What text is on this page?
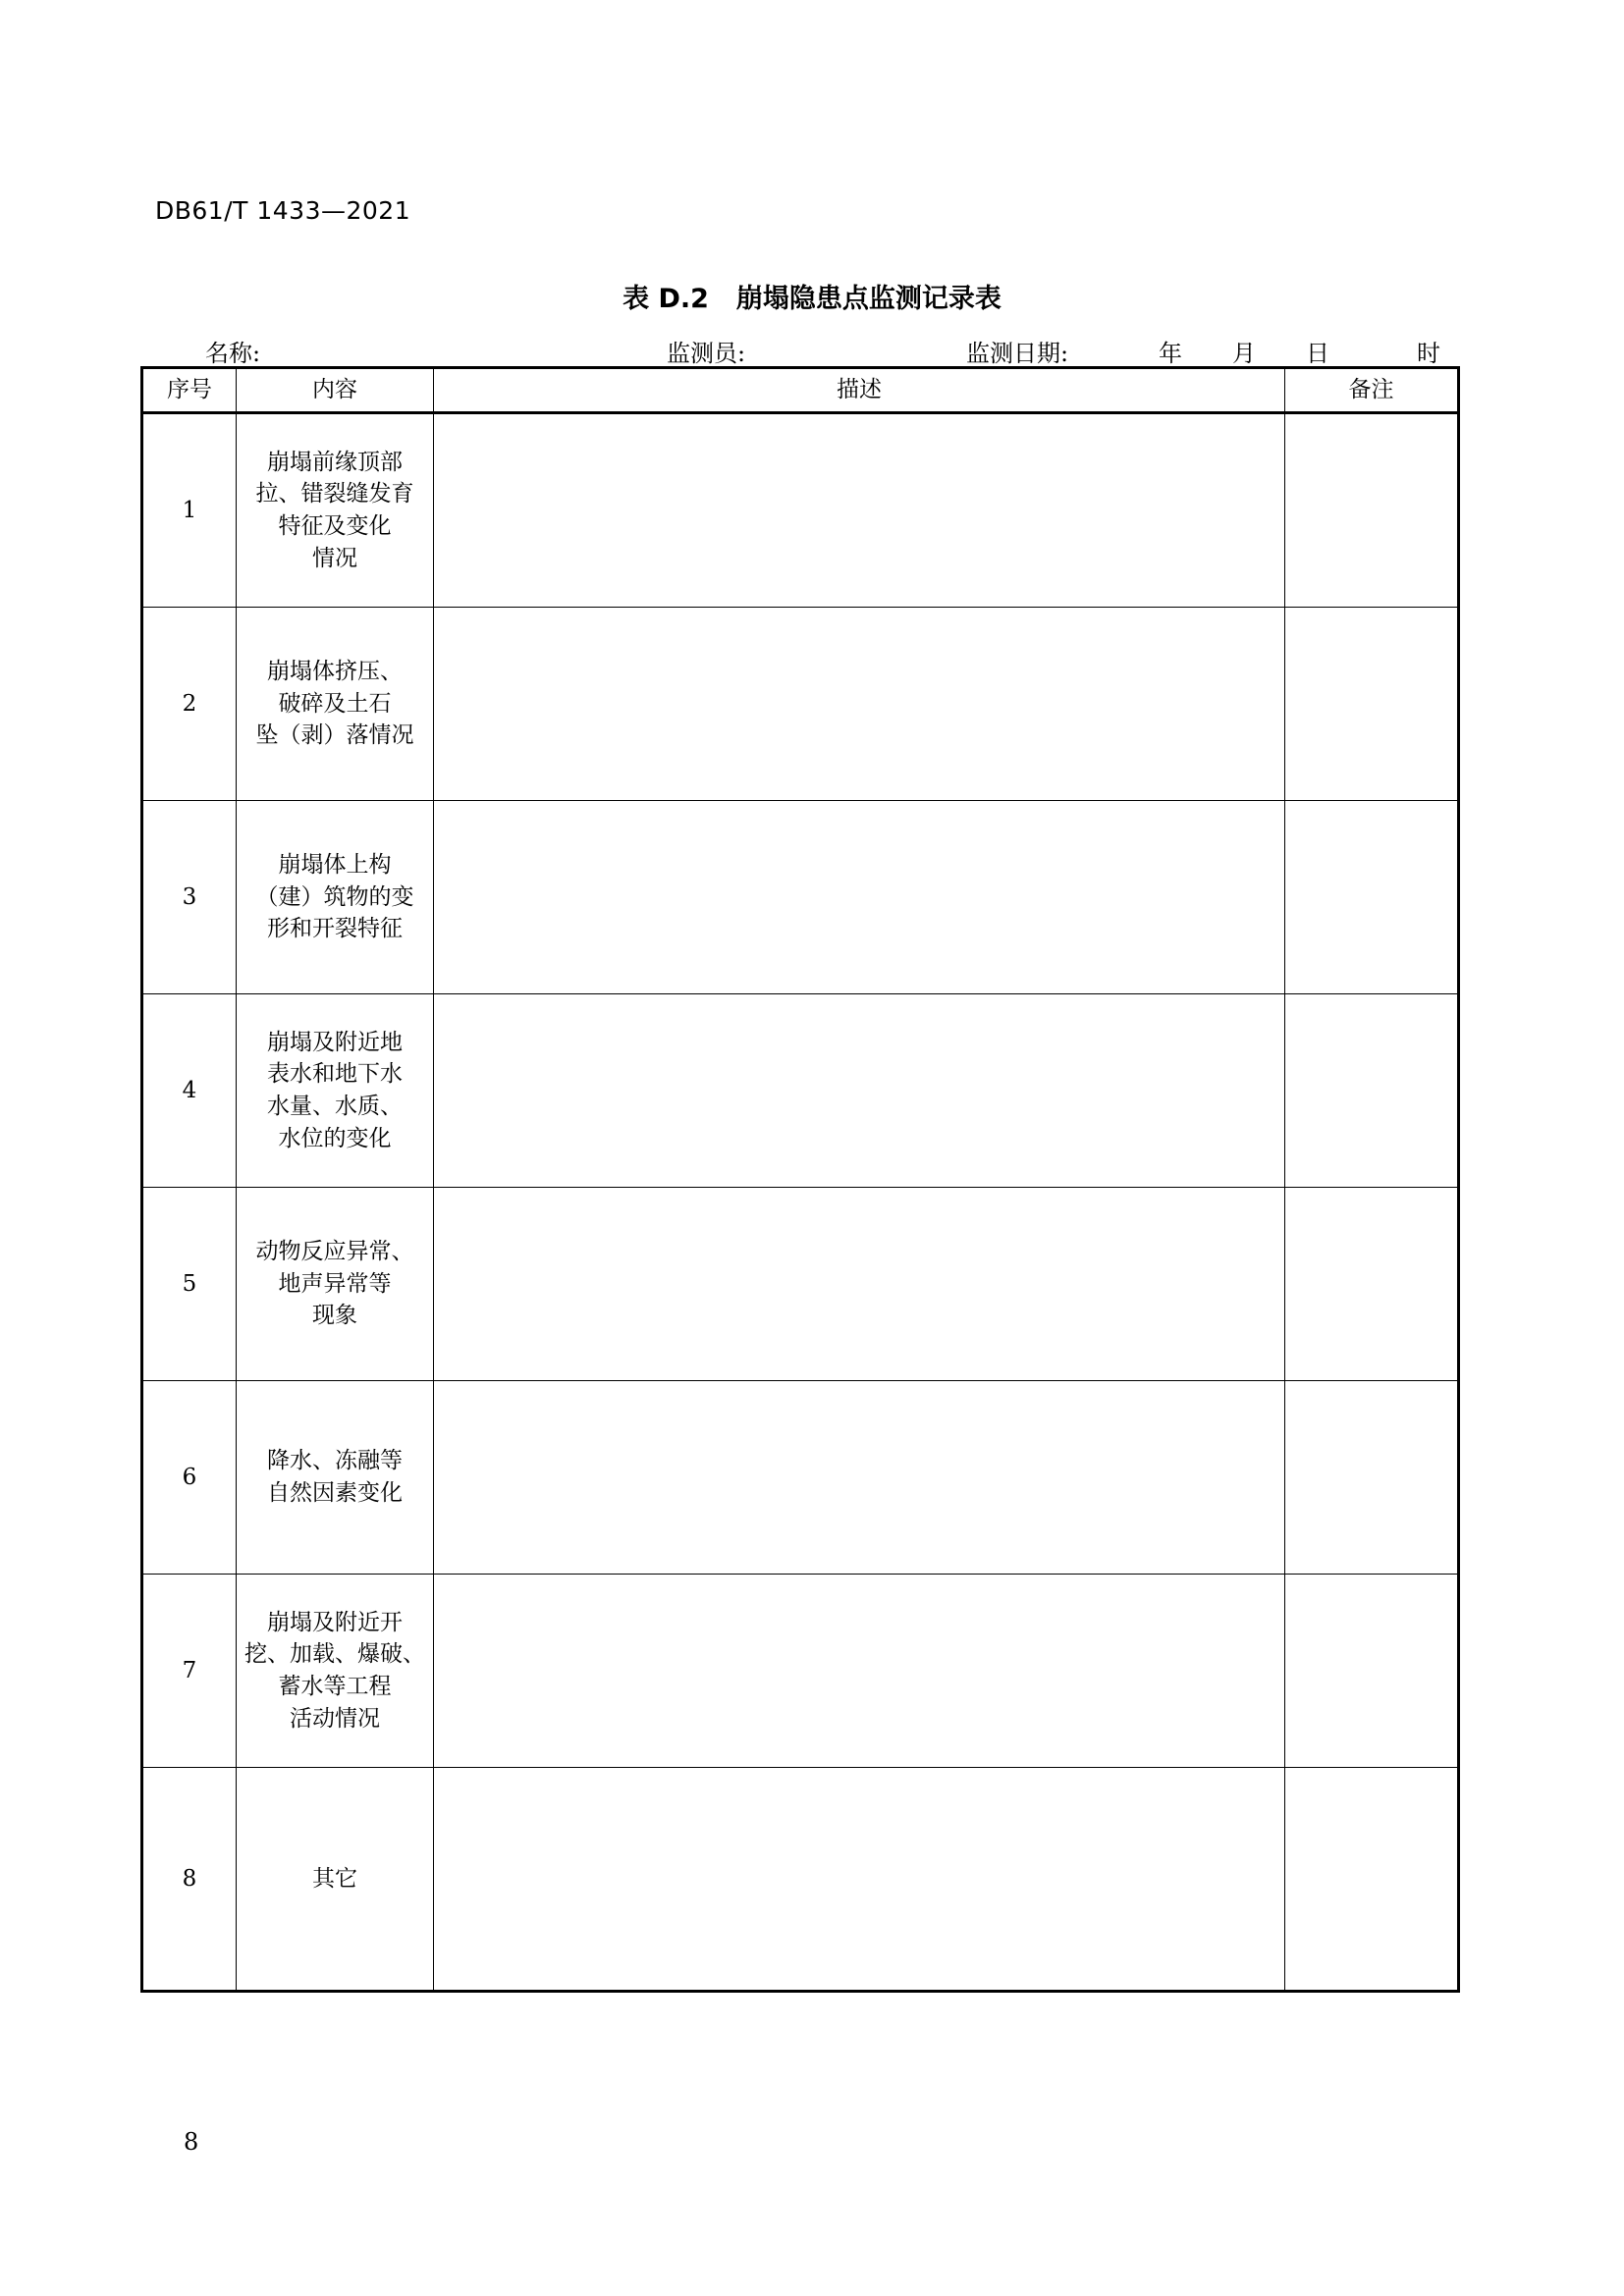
DB61/T 1433—2021
表 D.2 崩塌隐患点监测记录表
名称:	监测员:	监测日期:	年 月 日	时
序号	内容	描述	备注
1	崩塌前缘顶部
拉、错裂缝发育
特征及变化
情况		
2	崩塌体挤压、
破碎及土石
坠（剥）落情况		
3	崩塌体上构
（建）筑物的变
形和开裂特征		
4	崩塌及附近地
表水和地下水
水量、水质、
水位的变化		
5	动物反应异常、
地声异常等
现象		
6	降水、冻融等
自然因素变化		
7	崩塌及附近开
挖、加载、爆破、
蓄水等工程
活动情况		
8	其它		
8
